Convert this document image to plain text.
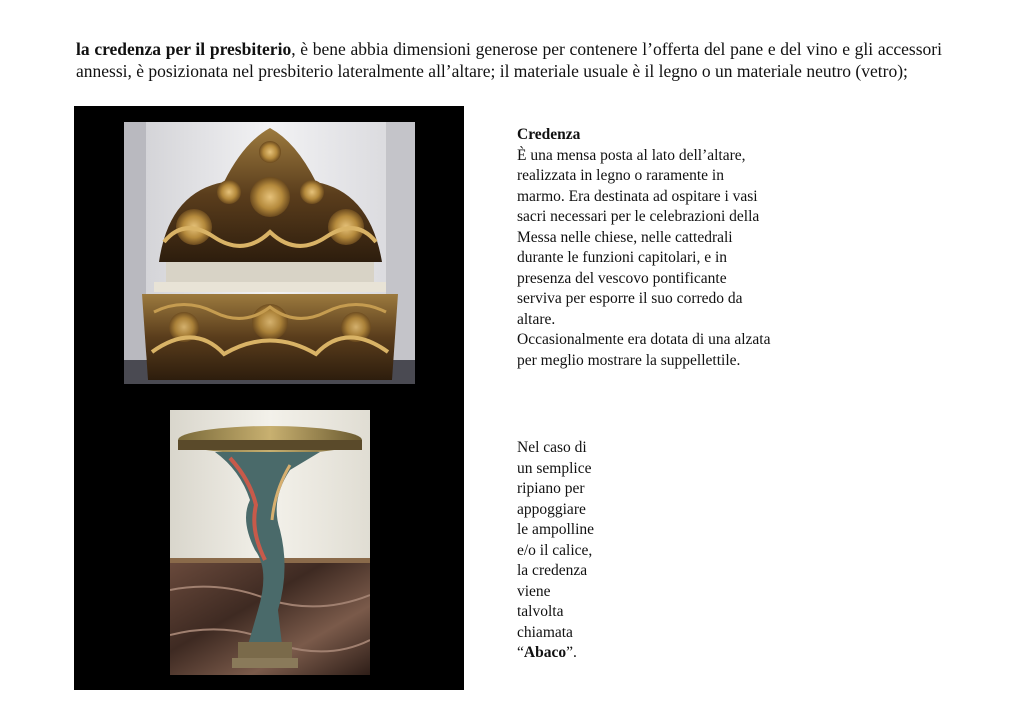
la credenza per il presbiterio, è bene abbia dimensioni generose per contenere l’offerta del pane e del vino e gli accessori annessi, è posizionata nel presbiterio lateralmente all’altare; il materiale usuale è il legno o un materiale neutro (vetro);

Credenza
È una mensa posta al lato dell’altare,
realizzata in legno o raramente in
marmo. Era destinata ad ospitare i vasi
sacri necessari per le celebrazioni della
Messa nelle chiese, nelle cattedrali
durante le funzioni capitolari, e in
presenza del vescovo pontificante
serviva per esporre il suo corredo da
altare.
Occasionalmente era dotata di una alzata
per meglio mostrare la suppellettile.
Nel caso di
un semplice
ripiano per
appoggiare
le ampolline
e/o il calice,
la credenza
viene
talvolta
chiamata
“Abaco”.
